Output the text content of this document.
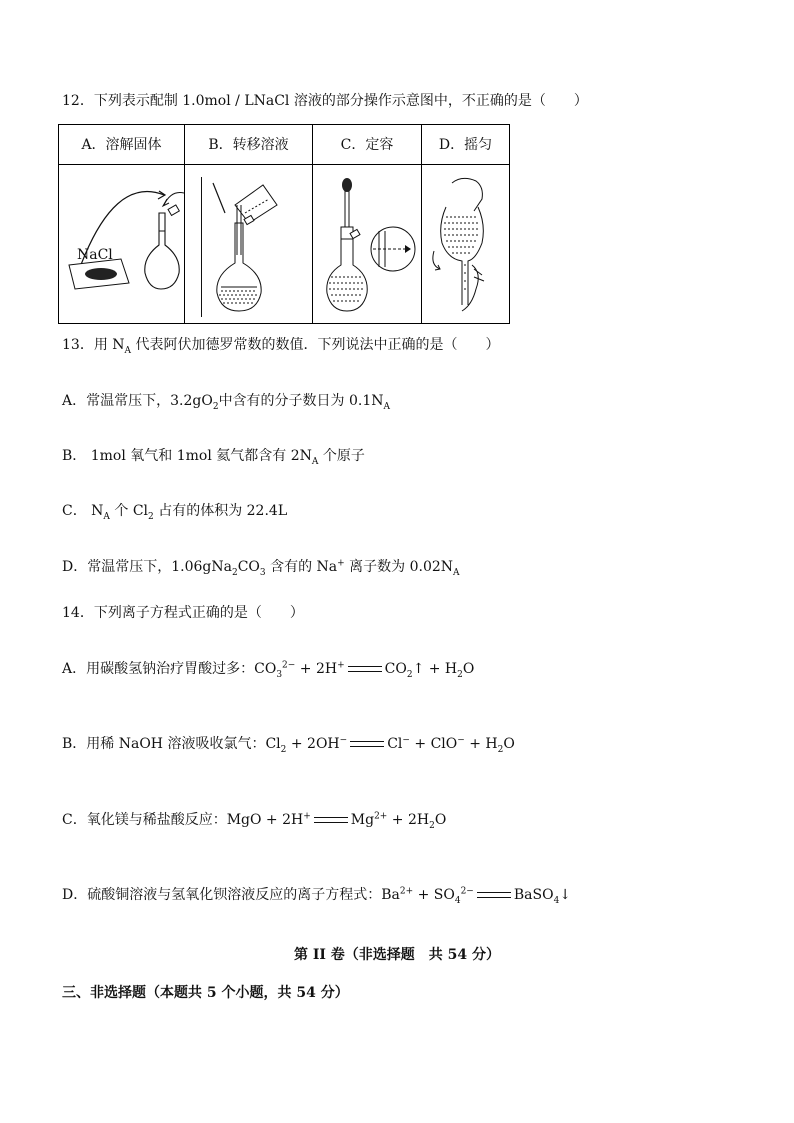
12．下列表示配制 1.0mol / LNaCl 溶液的部分操作示意图中，不正确的是（　　）
A．溶解固体	B．转移溶液	C．定容	D．摇匀
NaCl
13．用 $N_A$ 代表阿伏加德罗常数的数值．下列说法中正确的是（　　）
A．常温常压下，$3.2gO_2$中含有的分子数日为 $0.1N_A$
B． 1mol 氧气和 1mol 氦气都含有 $2N_A$ 个原子
C． $N_A$ 个 $Cl_2$ 占有的体积为 22.4L
D．常温常压下，$1.06gNa_2CO_3$ 含有的 Na+ 离子数为 $0.02N_A$
14．下列离子方程式正确的是（　　）
A．用碳酸氢钠治疗胃酸过多：$CO_3^{2-} + 2H^+$	$CO_2↑ + H_2O$
B．用稀 NaOH 溶液吸收氯气：$Cl_2 + 2OH^-$	$Cl^- + ClO^- + H_2O$
C．氧化镁与稀盐酸反应：MgO + 2H+	$Mg^{2+} + 2H_2O$
D．硫酸铜溶液与氢氧化钡溶液反应的离子方程式：$Ba^{2+} + SO_4^{2-}$	BaSO$_4$↓
第 II 卷（非选择题　共 54 分）
三、非选择题（本题共 5 个小题，共 54 分）
